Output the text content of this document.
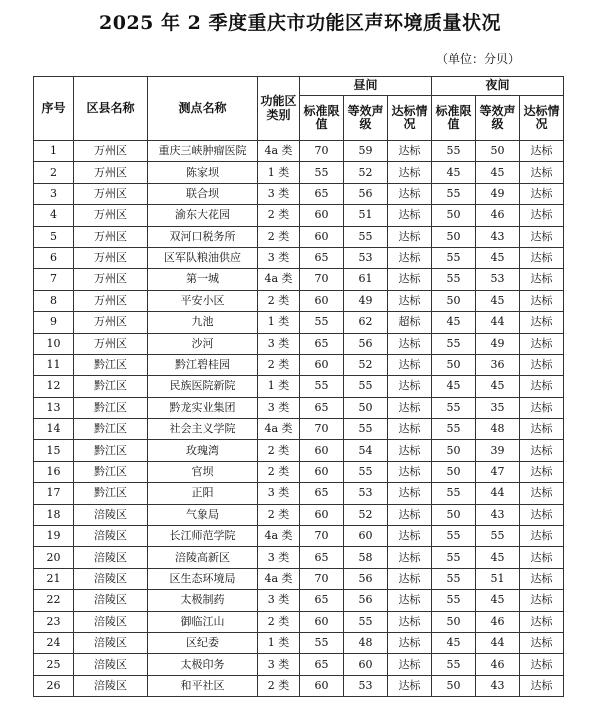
2025 年 2 季度重庆市功能区声环境质量状况
（单位：分贝）
序号	区县名称	测点名称	功能区类别	昼间			夜间		
				标准限值	等效声级	达标情况	标准限值	等效声级	达标情况
1	万州区	重庆三峡肿瘤医院	4a 类	70	59	达标	55	50	达标
2	万州区	陈家坝	1 类	55	52	达标	45	45	达标
3	万州区	联合坝	3 类	65	56	达标	55	49	达标
4	万州区	渝东大花园	2 类	60	51	达标	50	46	达标
5	万州区	双河口税务所	2 类	60	55	达标	50	43	达标
6	万州区	区军队粮油供应	3 类	65	53	达标	55	45	达标
7	万州区	第一城	4a 类	70	61	达标	55	53	达标
8	万州区	平安小区	2 类	60	49	达标	50	45	达标
9	万州区	九池	1 类	55	62	超标	45	44	达标
10	万州区	沙河	3 类	65	56	达标	55	49	达标
11	黔江区	黔江碧桂园	2 类	60	52	达标	50	36	达标
12	黔江区	民族医院新院	1 类	55	55	达标	45	45	达标
13	黔江区	黔龙实业集团	3 类	65	50	达标	55	35	达标
14	黔江区	社会主义学院	4a 类	70	55	达标	55	48	达标
15	黔江区	玫瑰湾	2 类	60	54	达标	50	39	达标
16	黔江区	官坝	2 类	60	55	达标	50	47	达标
17	黔江区	正阳	3 类	65	53	达标	55	44	达标
18	涪陵区	气象局	2 类	60	52	达标	50	43	达标
19	涪陵区	长江师范学院	4a 类	70	60	达标	55	55	达标
20	涪陵区	涪陵高新区	3 类	65	58	达标	55	45	达标
21	涪陵区	区生态环境局	4a 类	70	56	达标	55	51	达标
22	涪陵区	太极制药	3 类	65	56	达标	55	45	达标
23	涪陵区	御临江山	2 类	60	55	达标	50	46	达标
24	涪陵区	区纪委	1 类	55	48	达标	45	44	达标
25	涪陵区	太极印务	3 类	65	60	达标	55	46	达标
26	涪陵区	和平社区	2 类	60	53	达标	50	43	达标
